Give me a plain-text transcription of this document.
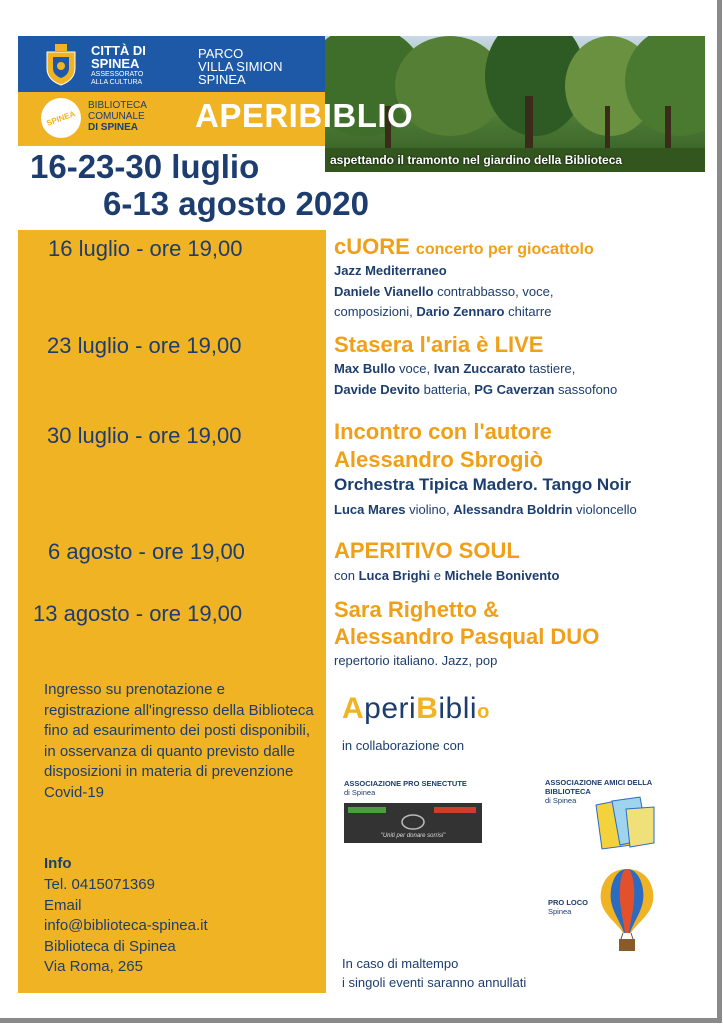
CITTÀ DI
SPINEA
ASSESSORATO
ALLA CULTURA
PARCO
VILLA SIMION
SPINEA
SPINEA
BIBLIOTECA
COMUNALE
DI SPINEA APERIBIBLIO
aspettando il tramonto nel giardino della Biblioteca
16-23-30 luglio
6-13 agosto 2020
16 luglio - ore 19,00	cUORE concerto per giocattolo
Jazz Mediterraneo
Daniele Vianello contrabbasso, voce,
composizioni, Dario Zennaro chitarre
23 luglio - ore 19,00	Stasera l'aria è LIVE
Max Bullo voce, Ivan Zuccarato tastiere,
Davide Devito batteria, PG Caverzan sassofono
30 luglio - ore 19,00	Incontro con l'autore
Alessandro Sbrogiò
Orchestra Tipica Madero. Tango Noir
Luca Mares violino, Alessandra Boldrin violoncello
6 agosto - ore 19,00	APERITIVO SOUL
con Luca Brighi e Michele Bonivento
13 agosto - ore 19,00	Sara Righetto &
Alessandro Pasqual DUO
repertorio italiano. Jazz, pop
Ingresso su prenotazione e registrazione all'ingresso della Biblioteca fino ad esaurimento dei posti disponibili, in osservanza di quanto previsto dalle disposizioni in materia di prevenzione Covid-19
Info
Tel. 0415071369
Email
info@biblioteca-spinea.it
Biblioteca di Spinea
Via Roma, 265
AperiBiblio
in collaborazione con
ASSOCIAZIONE PRO SENECTUTE
di Spinea
"Uniti per donare sorrisi"
ASSOCIAZIONE AMICI DELLA
BIBLIOTECA
di Spinea
PRO LOCO
Spinea
In caso di maltempo
i singoli eventi saranno annullati
